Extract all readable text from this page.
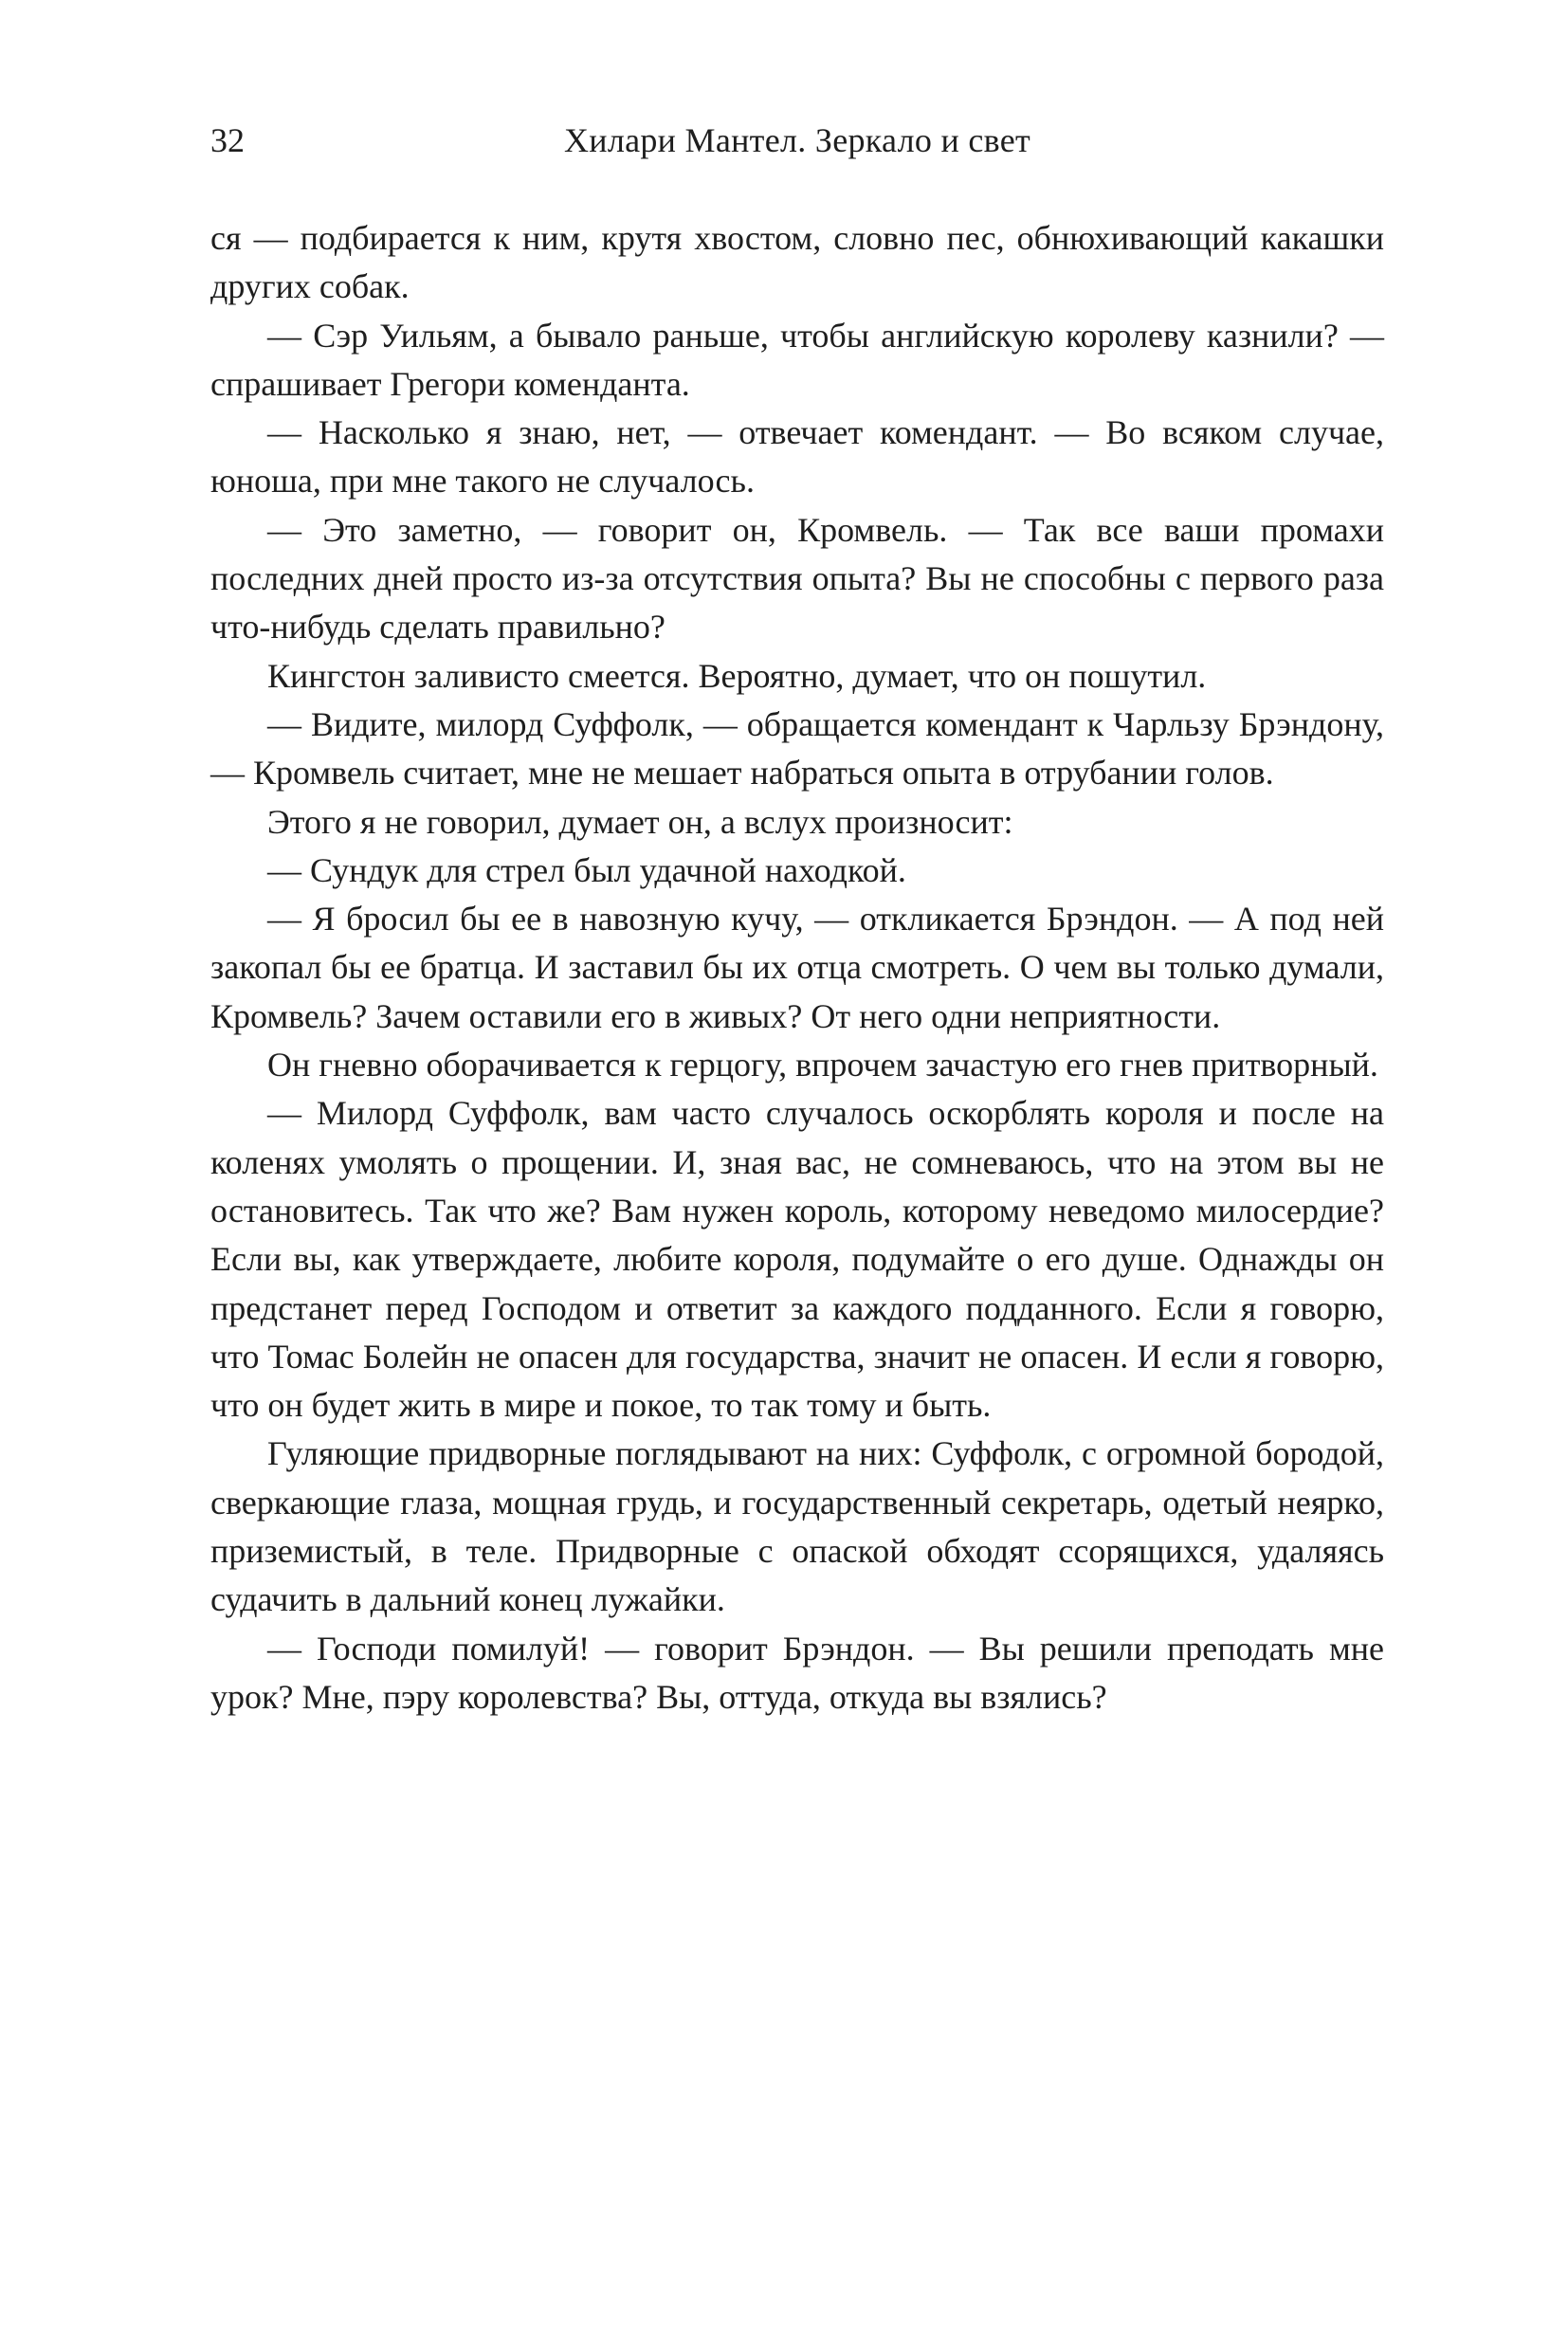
32	Хилари Мантел. Зеркало и свет

ся — подбирается к ним, крутя хвостом, словно пес, обнюхивающий какашки других собак.

— Сэр Уильям, а бывало раньше, чтобы английскую королеву казнили? — спрашивает Грегори коменданта.

— Насколько я знаю, нет, — отвечает комендант. — Во всяком случае, юноша, при мне такого не случалось.

— Это заметно, — говорит он, Кромвель. — Так все ваши промахи последних дней просто из-за отсутствия опыта? Вы не способны с первого раза что-нибудь сделать правильно?

Кингстон заливисто смеется. Вероятно, думает, что он пошутил.

— Видите, милорд Суффолк, — обращается комендант к Чарльзу Брэндону, — Кромвель считает, мне не мешает набраться опыта в отрубании голов.

Этого я не говорил, думает он, а вслух произносит:

— Сундук для стрел был удачной находкой.

— Я бросил бы ее в навозную кучу, — откликается Брэндон. — А под ней закопал бы ее братца. И заставил бы их отца смотреть. О чем вы только думали, Кромвель? Зачем оставили его в живых? От него одни неприятности.

Он гневно оборачивается к герцогу, впрочем зачастую его гнев притворный.

— Милорд Суффолк, вам часто случалось оскорблять короля и после на коленях умолять о прощении. И, зная вас, не сомневаюсь, что на этом вы не остановитесь. Так что же? Вам нужен король, которому неведомо милосердие? Если вы, как утверждаете, любите короля, подумайте о его душе. Однажды он предстанет перед Господом и ответит за каждого подданного. Если я говорю, что Томас Болейн не опасен для государства, значит не опасен. И если я говорю, что он будет жить в мире и покое, то так тому и быть.

Гуляющие придворные поглядывают на них: Суффолк, с огромной бородой, сверкающие глаза, мощная грудь, и государственный секретарь, одетый неярко, приземистый, в теле. Придворные с опаской обходят ссорящихся, удаляясь судачить в дальний конец лужайки.

— Господи помилуй! — говорит Брэндон. — Вы решили преподать мне урок? Мне, пэру королевства? Вы, оттуда, откуда вы взялись?
